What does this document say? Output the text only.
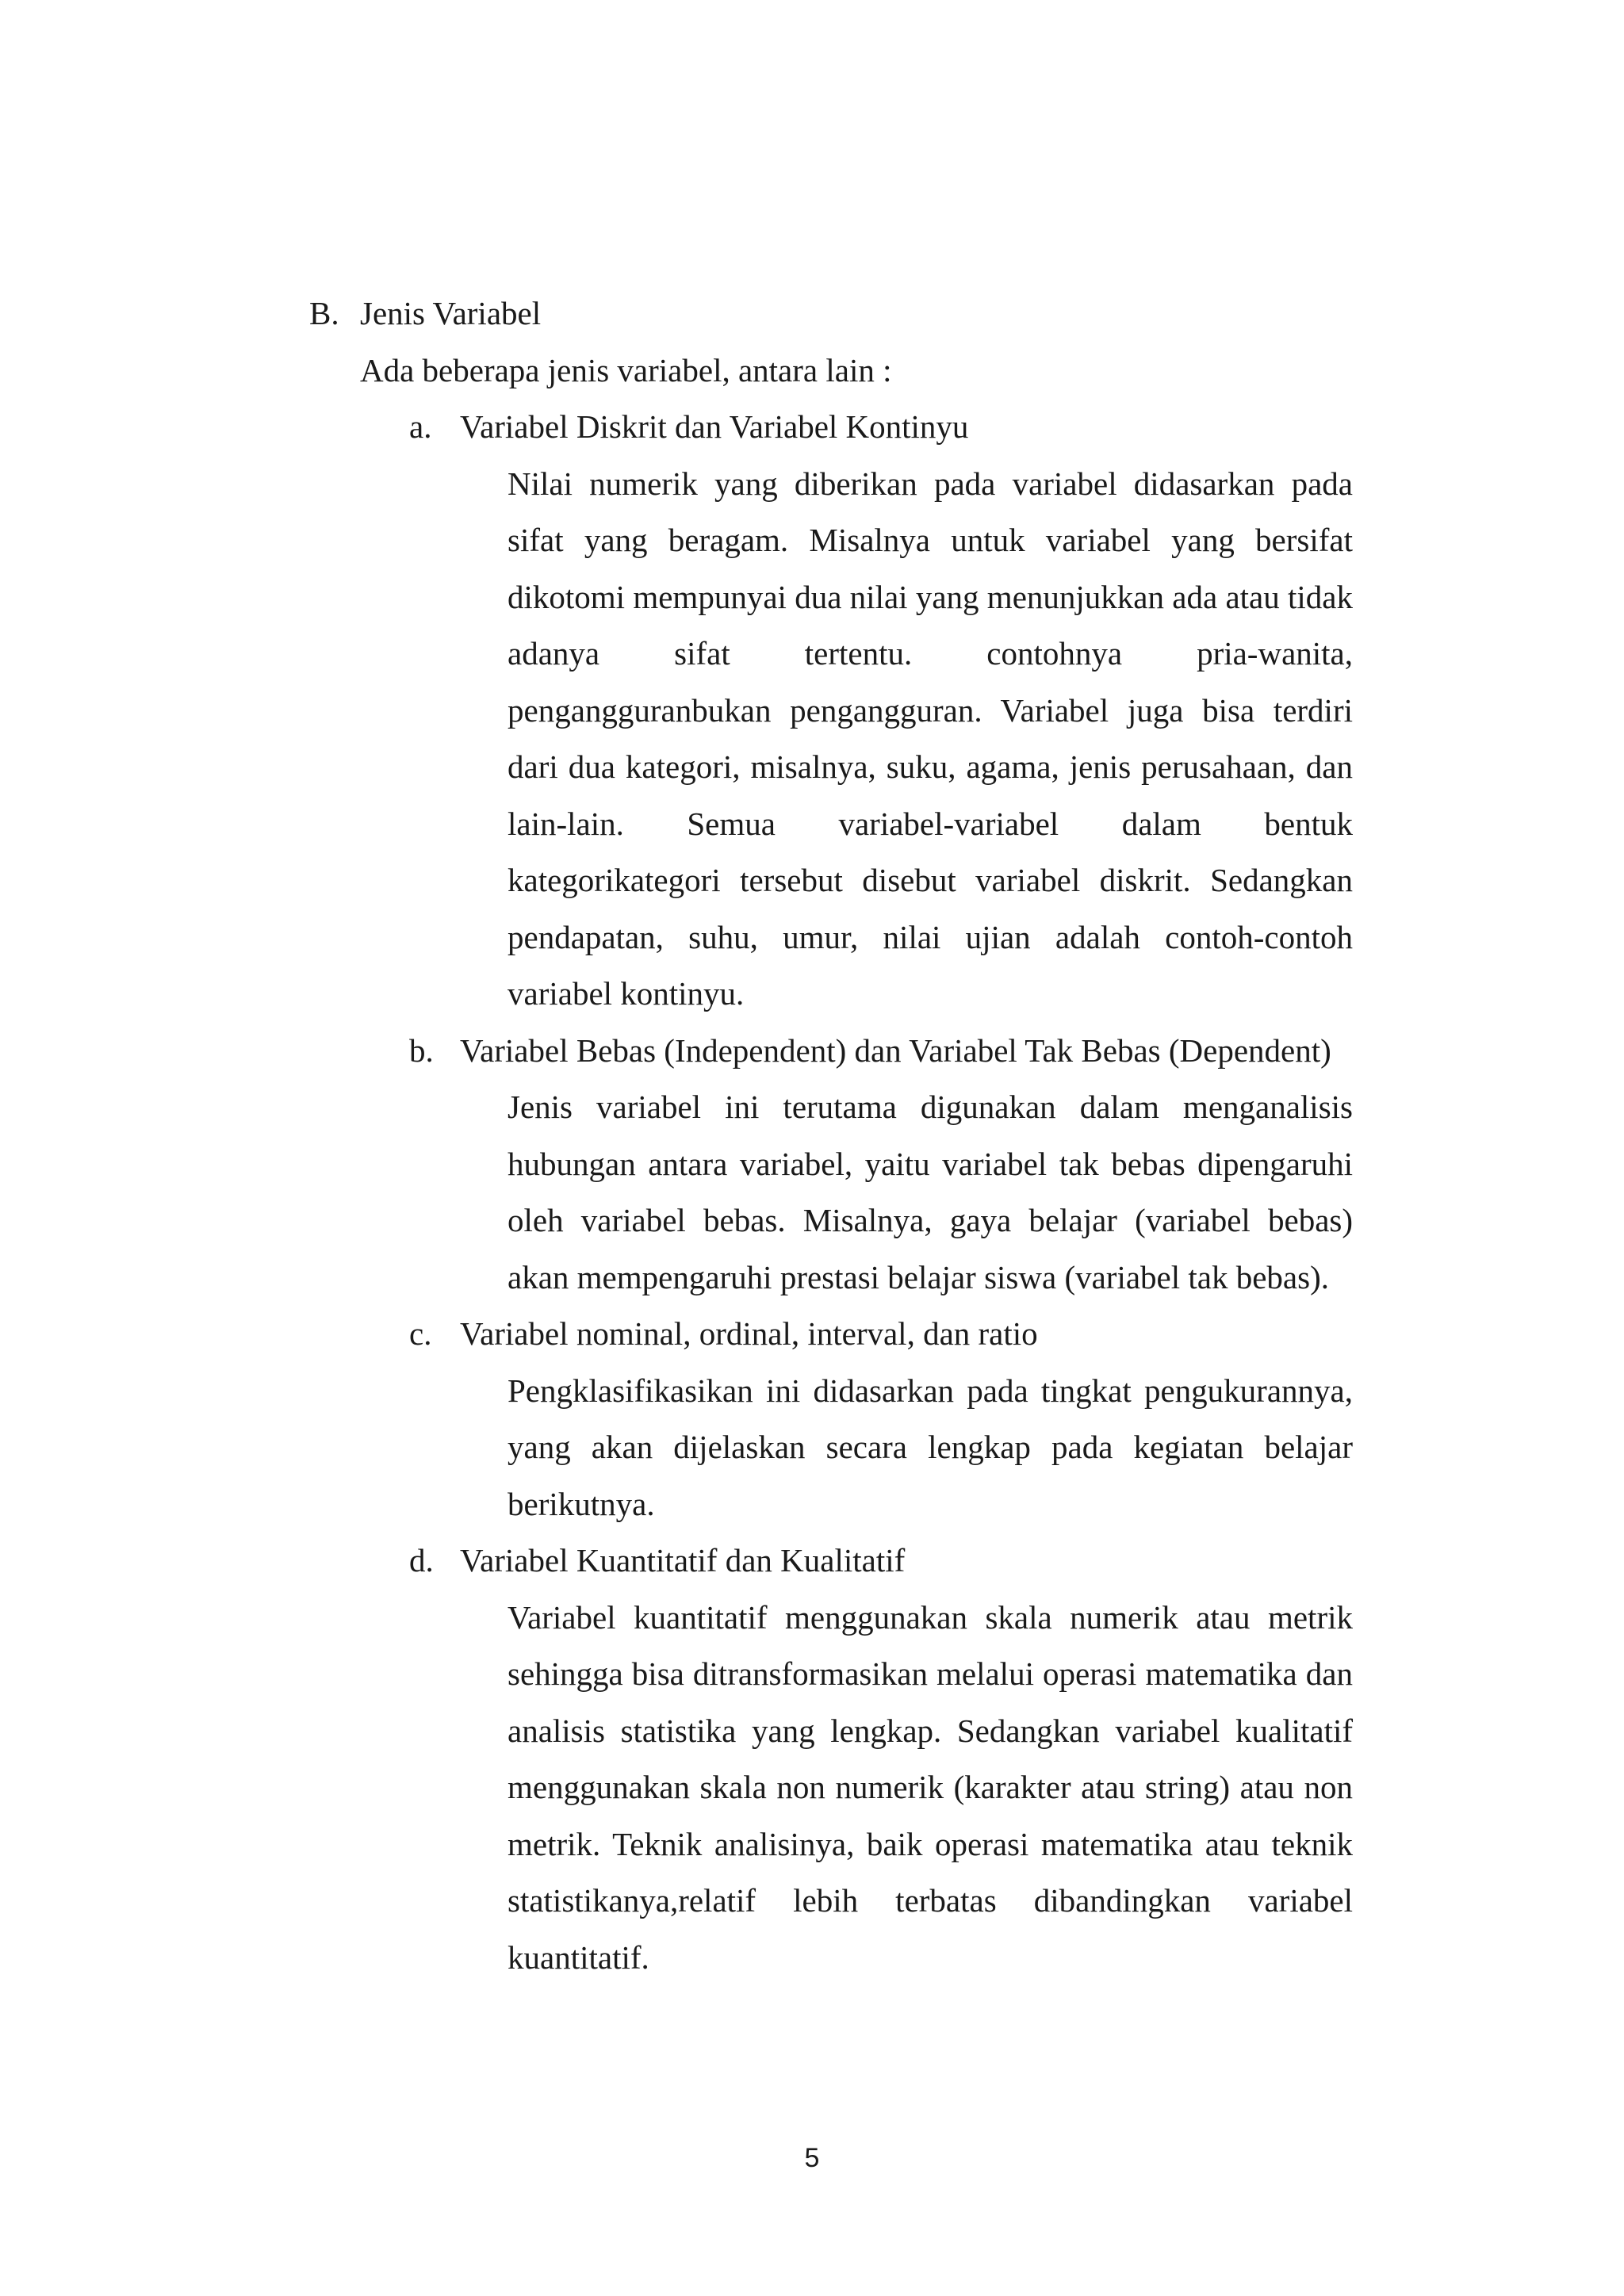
B. Jenis Variabel

Ada beberapa jenis variabel, antara lain :

a. Variabel Diskrit dan Variabel Kontinyu

Nilai numerik yang diberikan pada variabel didasarkan pada sifat yang beragam. Misalnya untuk variabel yang bersifat dikotomi mempunyai dua nilai yang menunjukkan ada atau tidak adanya sifat tertentu. contohnya pria-wanita, pengangguranbukan pengangguran. Variabel juga bisa terdiri dari dua kategori, misalnya, suku, agama, jenis perusahaan, dan lain-lain. Semua variabel-variabel dalam bentuk kategorikategori tersebut disebut variabel diskrit. Sedangkan pendapatan, suhu, umur, nilai ujian adalah contoh-contoh variabel kontinyu.

b. Variabel Bebas (Independent) dan Variabel Tak Bebas (Dependent)

Jenis variabel ini terutama digunakan dalam menganalisis hubungan antara variabel, yaitu variabel tak bebas dipengaruhi oleh variabel bebas. Misalnya, gaya belajar (variabel bebas) akan mempengaruhi prestasi belajar siswa (variabel tak bebas).

c. Variabel nominal, ordinal, interval, dan ratio

Pengklasifikasikan ini didasarkan pada tingkat pengukurannya, yang akan dijelaskan secara lengkap pada kegiatan belajar berikutnya.

d. Variabel Kuantitatif dan Kualitatif

Variabel kuantitatif menggunakan skala numerik atau metrik sehingga bisa ditransformasikan melalui operasi matematika dan analisis statistika yang lengkap. Sedangkan variabel kualitatif menggunakan skala non numerik (karakter atau string) atau non metrik. Teknik analisinya, baik operasi matematika atau teknik statistikanya,relatif lebih terbatas dibandingkan variabel kuantitatif.

5
